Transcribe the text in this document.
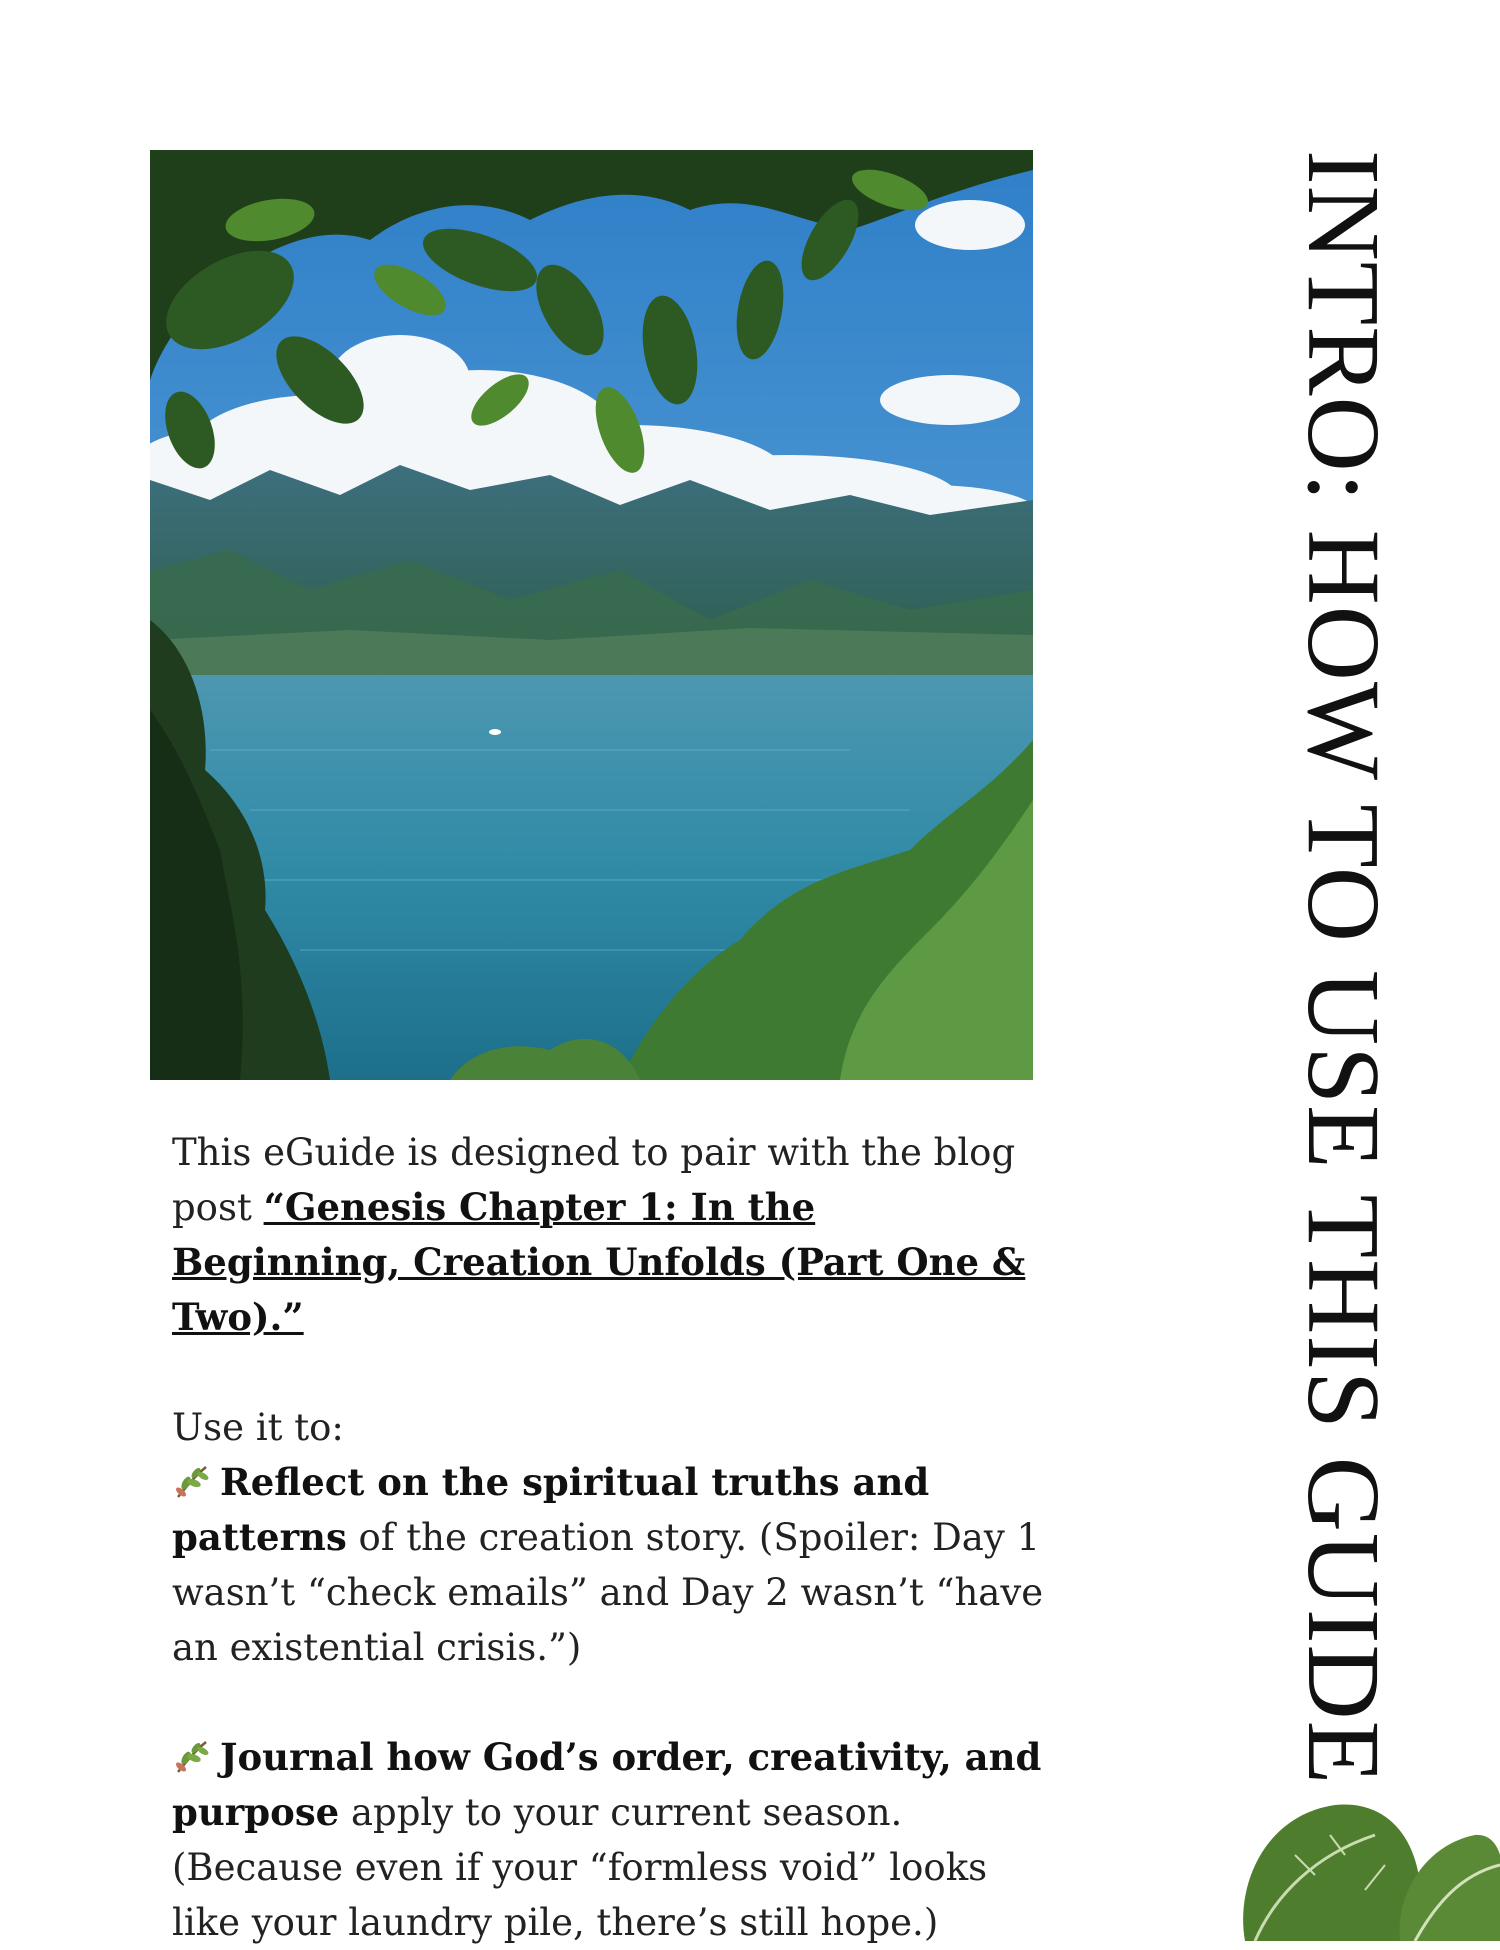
INTRO: HOW TO USE THIS GUIDE

This eGuide is designed to pair with the blog post “Genesis Chapter 1: In the Beginning, Creation Unfolds (Part One & Two).”

Use it to:

Reflect on the spiritual truths and patterns of the creation story. (Spoiler: Day 1 wasn’t “check emails” and Day 2 wasn’t “have an existential crisis.”)

Journal how God’s order, creativity, and purpose apply to your current season. (Because even if your “formless void” looks like your laundry pile, there’s still hope.)
